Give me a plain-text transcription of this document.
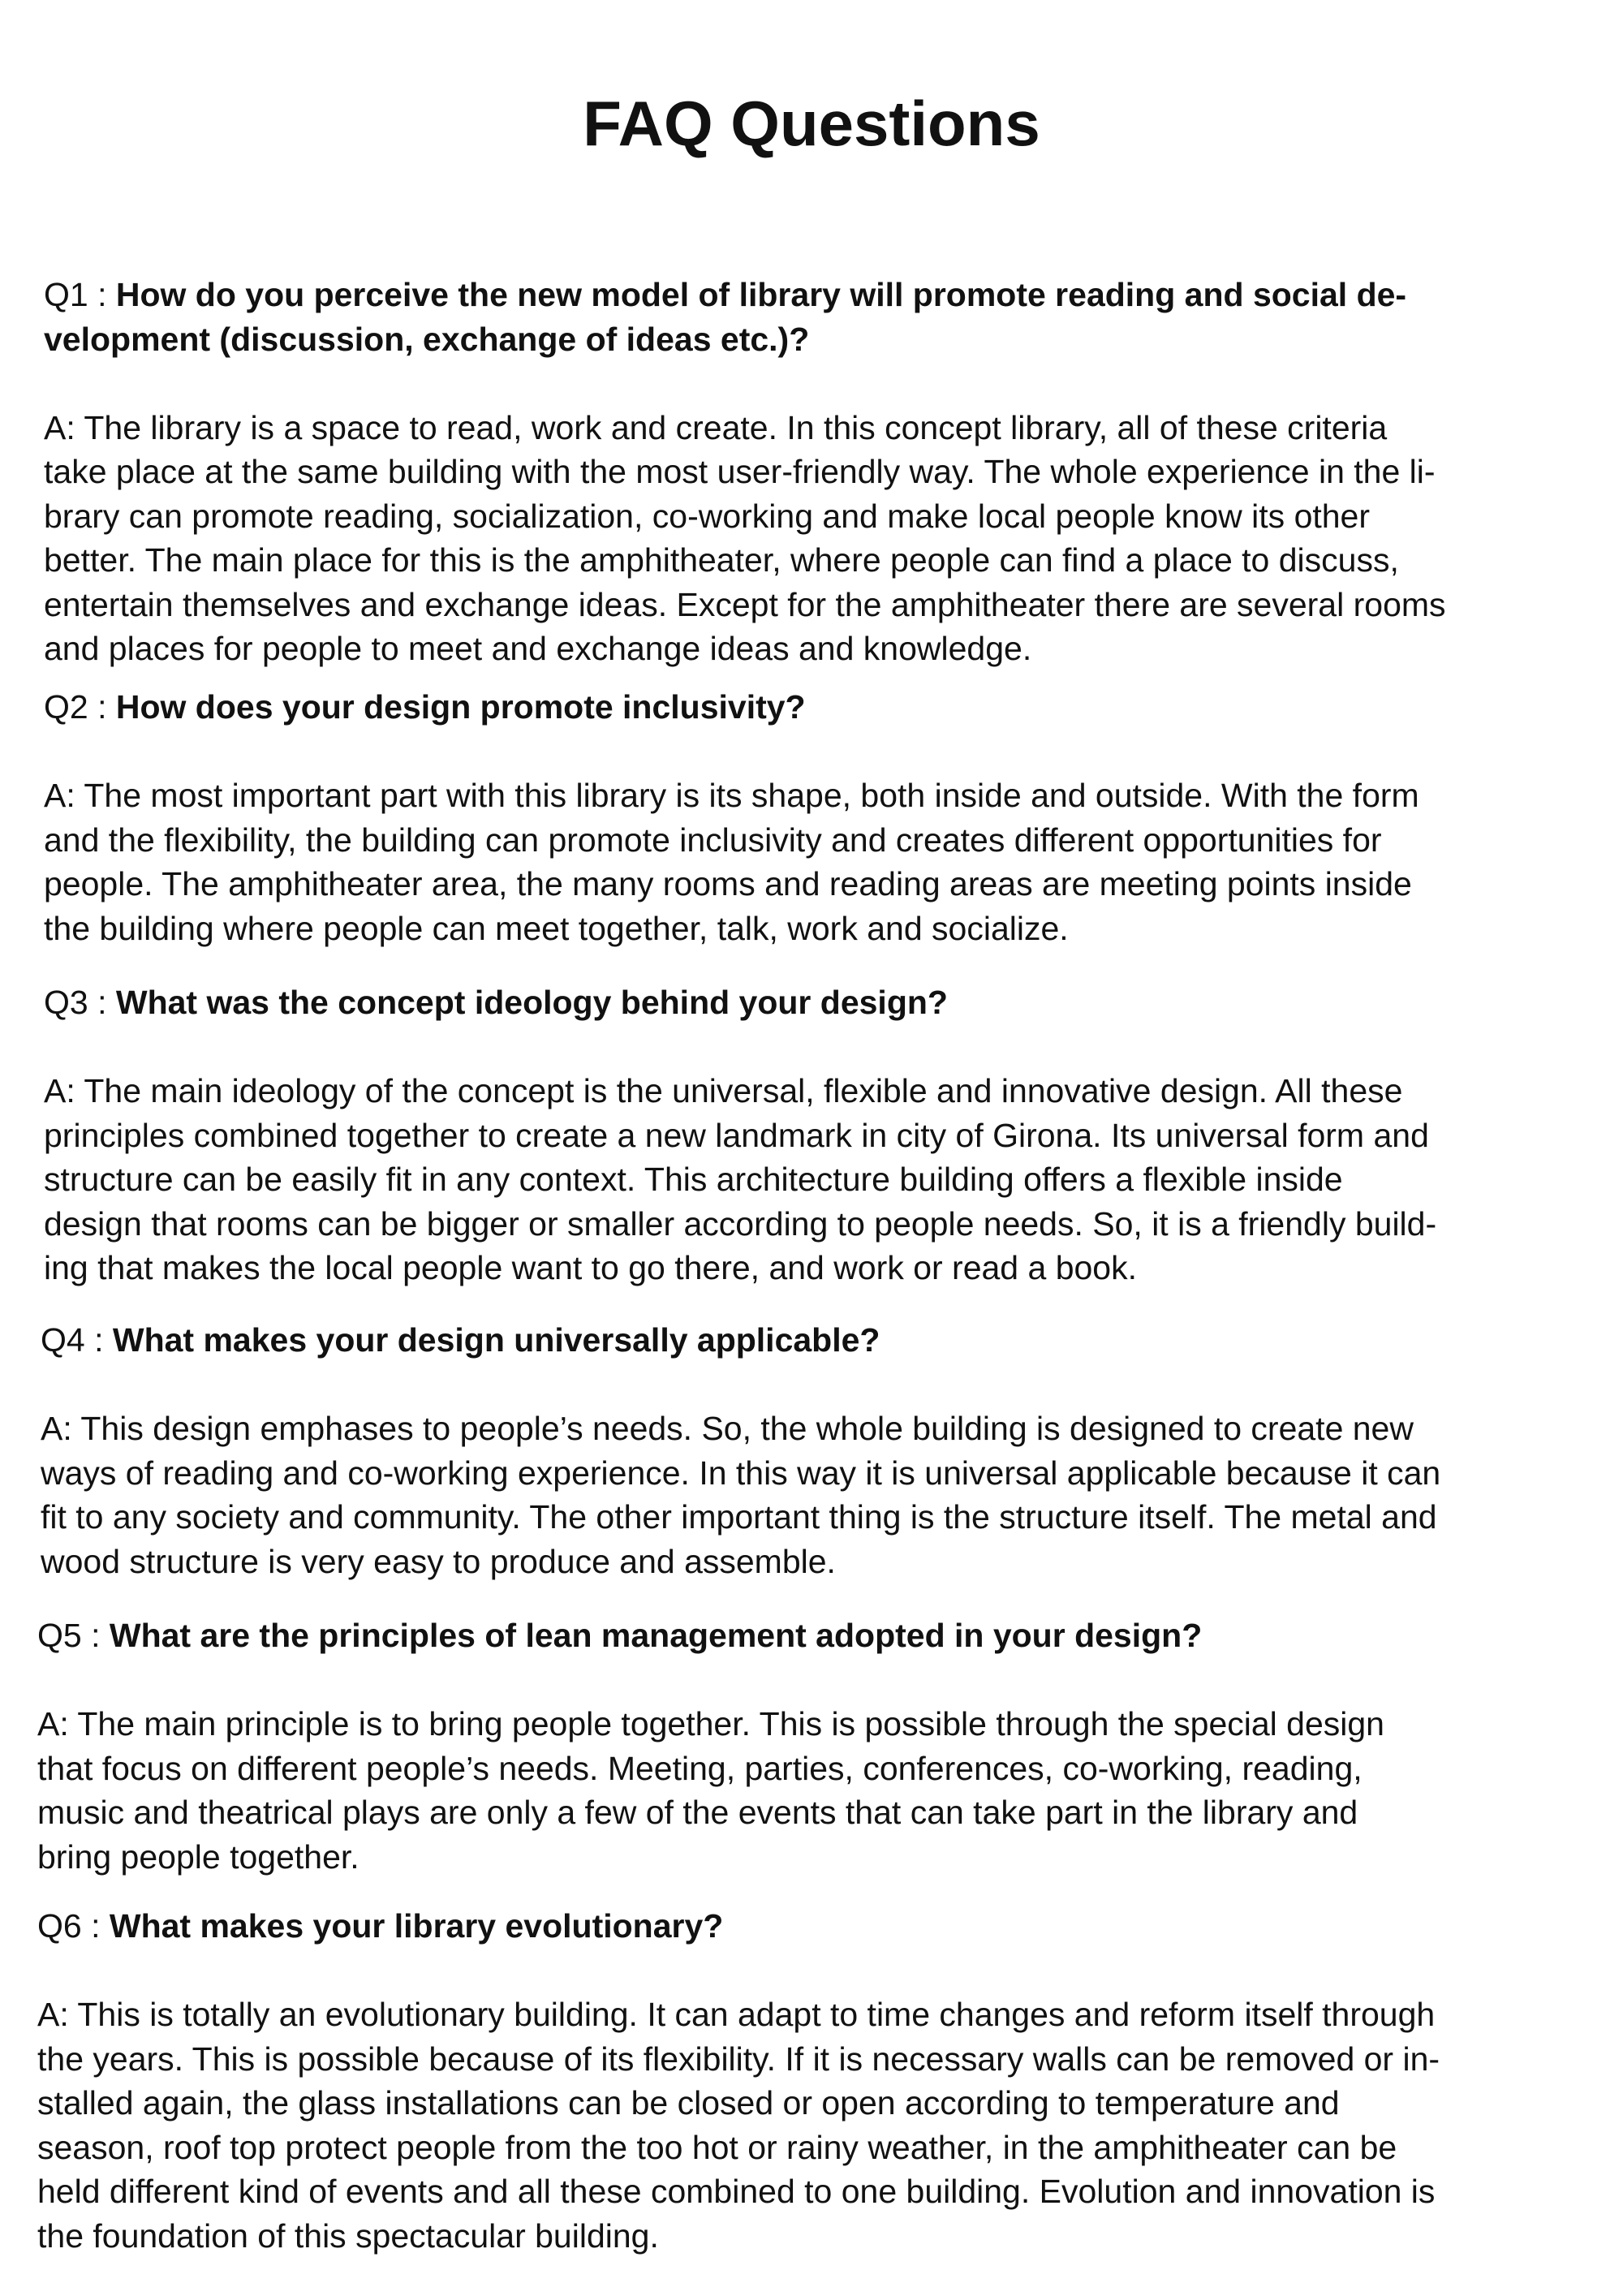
FAQ Questions

Q1 : How do you perceive the new model of library will promote reading and social de-
velopment (discussion, exchange of ideas etc.)?

A: The library is a space to read, work and create. In this concept library, all of these criteria
take place at the same building with the most user-friendly way. The whole experience in the li-
brary can promote reading, socialization, co-working and make local people know its other
better. The main place for this is the amphitheater, where people can find a place to discuss,
entertain themselves and exchange ideas. Except for the amphitheater there are several rooms
and places for people to meet and exchange ideas and knowledge.

Q2 : How does your design promote inclusivity?

A: The most important part with this library is its shape, both inside and outside. With the form
and the flexibility, the building can promote inclusivity and creates different opportunities for
people. The amphitheater area, the many rooms and reading areas are meeting points inside
the building where people can meet together, talk, work and socialize.

Q3 : What was the concept ideology behind your design?

A: The main ideology of the concept is the universal, flexible and innovative design. All these
principles combined together to create a new landmark in city of Girona. Its universal form and
structure can be easily fit in any context. This architecture building offers a flexible inside
design that rooms can be bigger or smaller according to people needs. So, it is a friendly build-
ing that makes the local people want to go there, and work or read a book.

Q4 : What makes your design universally applicable?

A: This design emphases to people’s needs. So, the whole building is designed to create new
ways of reading and co-working experience. In this way it is universal applicable because it can
fit to any society and community. The other important thing is the structure itself. The metal and
wood structure is very easy to produce and assemble.

Q5 : What are the principles of lean management adopted in your design?

A: The main principle is to bring people together. This is possible through the special design
that focus on different people’s needs. Meeting, parties, conferences, co-working, reading,
music and theatrical plays are only a few of the events that can take part in the library and
bring people together.

Q6 : What makes your library evolutionary?

A: This is totally an evolutionary building. It can adapt to time changes and reform itself through
the years. This is possible because of its flexibility. If it is necessary walls can be removed or in-
stalled again, the glass installations can be closed or open according to temperature and
season, roof top protect people from the too hot or rainy weather, in the amphitheater can be
held different kind of events and all these combined to one building. Evolution and innovation is
the foundation of this spectacular building.
